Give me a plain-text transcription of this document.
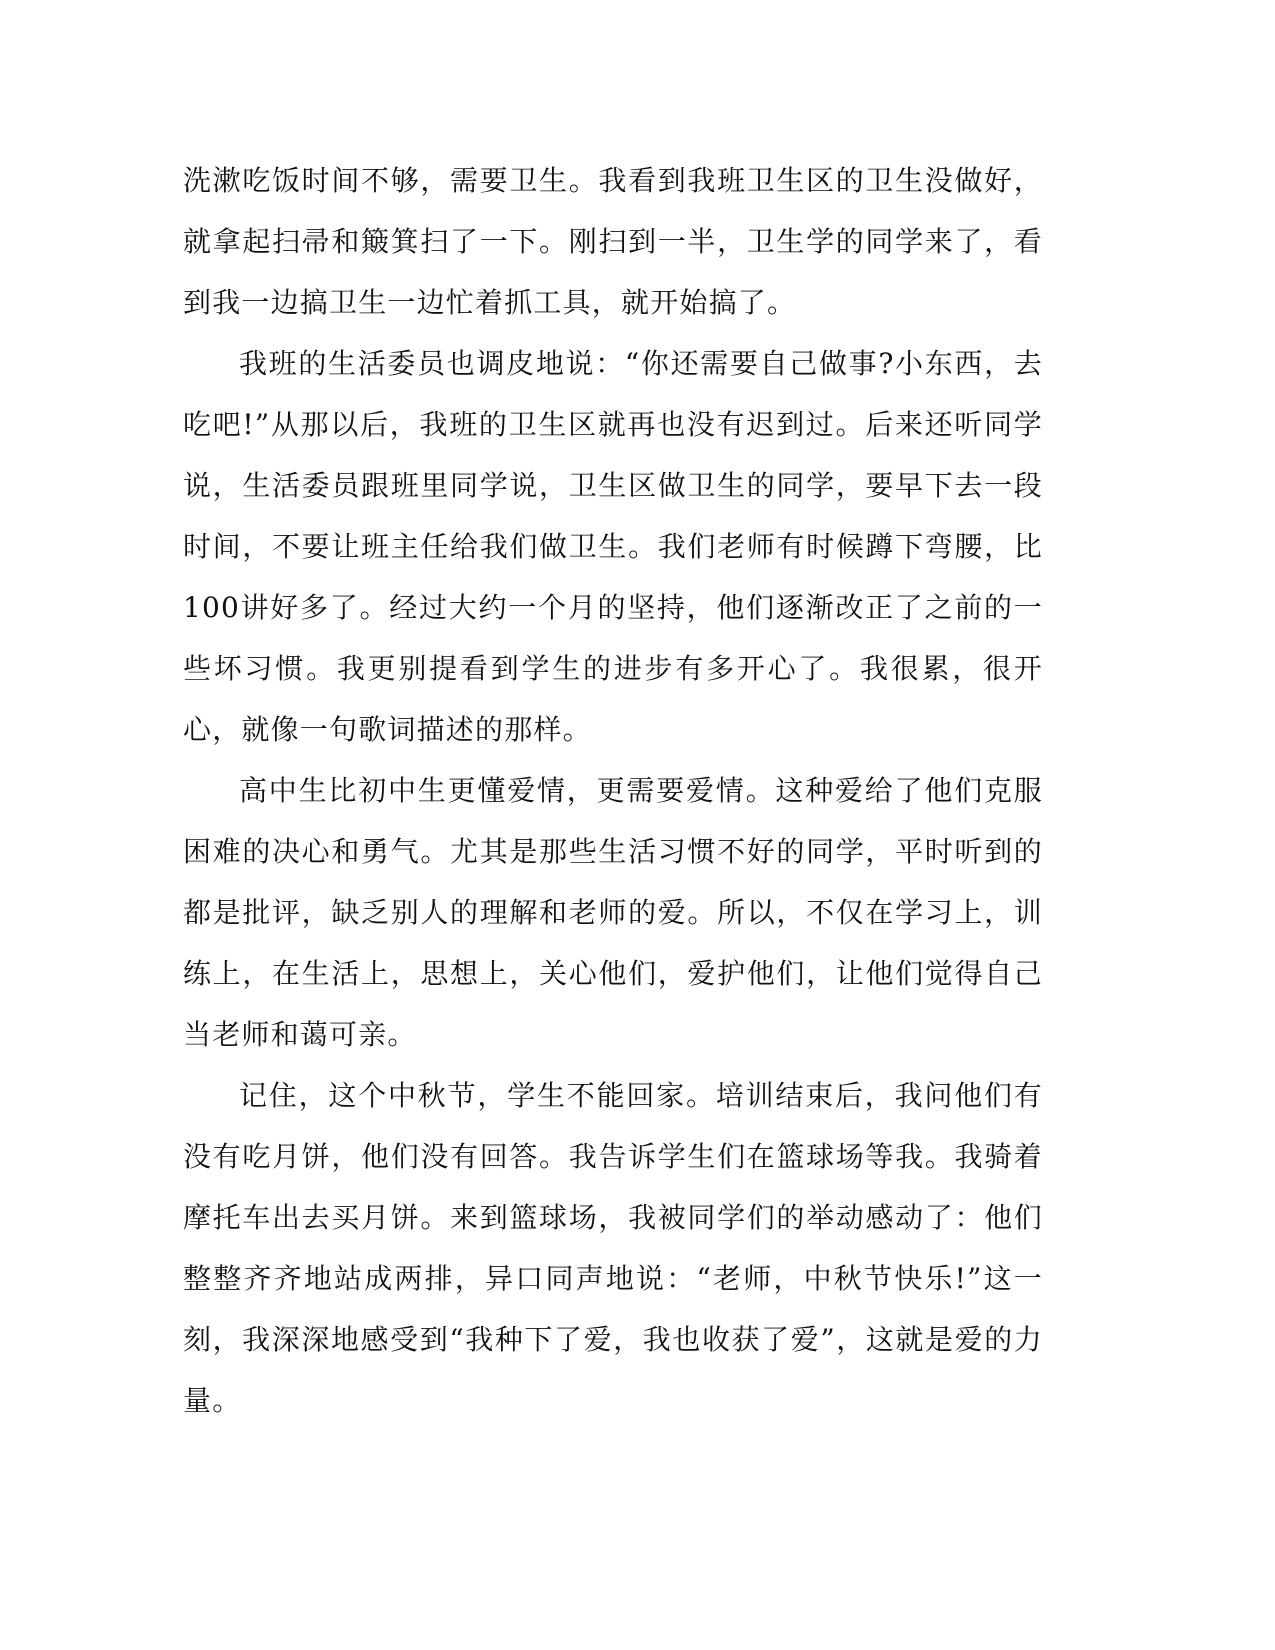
洗漱吃饭时间不够，需要卫生。我看到我班卫生区的卫生没做好，就拿起扫帚和簸箕扫了一下。刚扫到一半，卫生学的同学来了，看到我一边搞卫生一边忙着抓工具，就开始搞了。

我班的生活委员也调皮地说：“你还需要自己做事?小东西，去吃吧!”从那以后，我班的卫生区就再也没有迟到过。后来还听同学说，生活委员跟班里同学说，卫生区做卫生的同学，要早下去一段时间，不要让班主任给我们做卫生。我们老师有时候蹲下弯腰，比100讲好多了。经过大约一个月的坚持，他们逐渐改正了之前的一些坏习惯。我更别提看到学生的进步有多开心了。我很累，很开心，就像一句歌词描述的那样。

高中生比初中生更懂爱情，更需要爱情。这种爱给了他们克服困难的决心和勇气。尤其是那些生活习惯不好的同学，平时听到的都是批评，缺乏别人的理解和老师的爱。所以，不仅在学习上，训练上，在生活上，思想上，关心他们，爱护他们，让他们觉得自己当老师和蔼可亲。

记住，这个中秋节，学生不能回家。培训结束后，我问他们有没有吃月饼，他们没有回答。我告诉学生们在篮球场等我。我骑着摩托车出去买月饼。来到篮球场，我被同学们的举动感动了：他们整整齐齐地站成两排，异口同声地说：“老师，中秋节快乐!”这一刻，我深深地感受到“我种下了爱，我也收获了爱”，这就是爱的力量。
